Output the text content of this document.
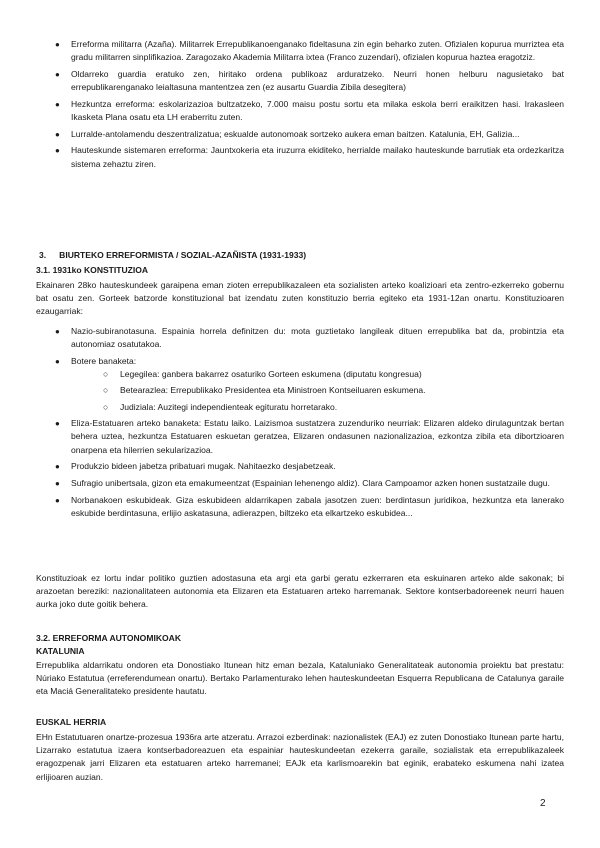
● Erreforma militarra (Azaña). Militarrek Errepublikanoenganako fideltasuna zin egin beharko zuten. Ofizialen kopurua murriztea eta gradu militarren sinplifikazioa. Zaragozako Akademia Militarra ixtea (Franco zuzendari), ofizialen kopurua haztea eragotziz.
● Oldarreko guardia eratuko zen, hiritako ordena publikoaz arduratzeko. Neurri honen helburu nagusietako bat errepublikarenganako leialtasuna mantentzea zen (ez ausartu Guardia Zibila desegitera)
● Hezkuntza erreforma: eskolarizazioa bultzatzeko, 7.000 maisu postu sortu eta milaka eskola berri eraikitzen hasi. Irakasleen Ikasketa Plana osatu eta LH eraberritu zuten.
● Lurralde-antolamendu deszentralizatua; eskualde autonomoak sortzeko aukera eman baitzen. Katalunia, EH, Galizia...
● Hauteskunde sistemaren erreforma: Jauntxokeria eta iruzurra ekiditeko, herrialde mailako hauteskunde barrutiak eta ordezkaritza sistema zehaztu ziren.
3. BIURTEKO ERREFORMISTA / SOZIAL-AZAÑISTA (1931-1933)
3.1. 1931ko KONSTITUZIOA
Ekainaren 28ko hauteskundeek garaipena eman zioten errepublikazaleen eta sozialisten arteko koalizioari eta zentro-ezkerreko gobernu bat osatu zen. Gorteek batzorde konstituzional bat izendatu zuten konstituzio berria egiteko eta 1931-12an onartu. Konstituzioaren ezaugarriak:
● Nazio-subiranotasuna. Espainia horrela definitzen du: mota guztietako langileak dituen errepublika bat da, probintzia eta autonomiaz osatutakoa.
● Botere banaketa:
○ Legegilea: ganbera bakarrez osaturiko Gorteen eskumena (diputatu kongresua)
○ Betearazlea: Errepublikako Presidentea eta Ministroen Kontseiluaren eskumena.
○ Judiziala: Auzitegi independienteak egituratu horretarako.
● Eliza-Estatuaren arteko banaketa: Estatu laiko. Laizismoa sustatzera zuzenduriko neurriak: Elizaren aldeko dirulaguntzak bertan behera uztea, hezkuntza Estatuaren eskuetan geratzea, Elizaren ondasunen nazionalizazioa, ezkontza zibila eta dibortzioaren onarpena eta hilerrien sekularizazioa.
● Produkzio bideen jabetza pribatuari mugak. Nahitaezko desjabetzeak.
● Sufragio unibertsala, gizon eta emakumeentzat (Espainian lehenengo aldiz). Clara Campoamor azken honen sustatzaile dugu.
● Norbanakoen eskubideak. Giza eskubideen aldarrikapen zabala jasotzen zuen: berdintasun juridikoa, hezkuntza eta lanerako eskubide berdintasuna, erlijio askatasuna, adierazpen, biltzeko eta elkartzeko eskubidea...
Konstituzioak ez lortu indar politiko guztien adostasuna eta argi eta garbi geratu ezkerraren eta eskuinaren arteko alde sakonak; bi arazoetan bereziki: nazionalitateen autonomia eta Elizaren eta Estatuaren arteko harremanak. Sektore kontserbadoreenek neurri hauen aurka joko dute goitik behera.
3.2. ERREFORMA AUTONOMIKOAK
KATALUNIA
Errepublika aldarrikatu ondoren eta Donostiako Itunean hitz eman bezala, Kataluniako Generalitateak autonomia proiektu bat prestatu: Núriako Estatutua (erreferendumean onartu). Bertako Parlamenturako lehen hauteskundeetan Esquerra Republicana de Catalunya garaile eta Maciá Generalitateko presidente hautatu.
EUSKAL HERRIA
EHn Estatutuaren onartze-prozesua 1936ra arte atzeratu. Arrazoi ezberdinak: nazionalistek (EAJ) ez zuten Donostiako Itunean parte hartu, Lizarrako estatutua izaera kontserbadoreazuen eta espainiar hauteskundeetan ezekerra garaile, sozialistak eta errepublikazaleek eragozpenak jarri Elizaren eta estatuaren arteko harremanei; EAJk eta karlismoarekin bat eginik, erabateko eskumena nahi izatea erlijioaren auzian.
2
